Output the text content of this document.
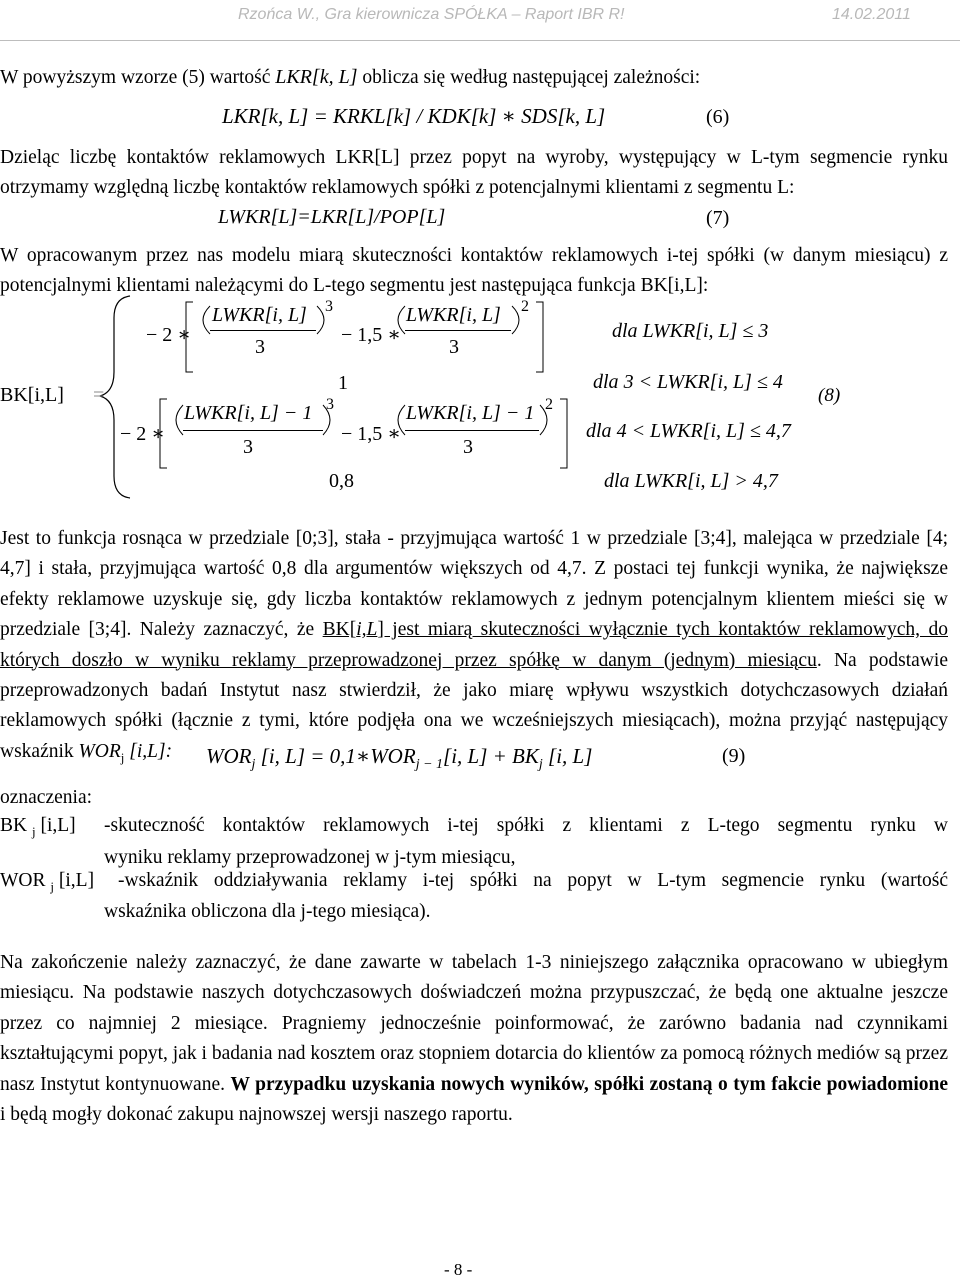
Rzońca W., Gra kierownicza SPÓŁKA – Raport IBR R!	14.02.2011
W powyższym wzorze (5) wartość LKR[k, L] oblicza się według następującej zależności:
LKR[k, L] = KRKL[k] / KDK[k] ∗ SDS[k, L]	(6)
Dzieląc liczbę kontaktów reklamowych LKR[L] przez popyt na wyroby, występujący w L-tym segmencie rynku otrzymamy względną liczbę kontaktów reklamowych spółki z potencjalnymi klientami z segmentu L:
LWKR[L]=LKR[L]/POP[L]	(7)
W opracowanym przez nas modelu miarą skuteczności kontaktów reklamowych i-tej spółki (w danym miesiącu) z potencjalnymi klientami należącymi do L-tego segmentu jest następująca funkcja BK[i,L]:
BK[i,L] =
− 2 ∗
LWKR[i, L]
3
3
− 1,5 ∗
LWKR[i, L]
3
2
dla LWKR[i, L] ≤ 3
1	dla 3 < LWKR[i, L] ≤ 4
(8)
− 2 ∗
LWKR[i, L] − 1
3
3
− 1,5 ∗
LWKR[i, L] − 1
3
2
dla 4 < LWKR[i, L] ≤ 4,7
0,8	dla LWKR[i, L] > 4,7
Jest to funkcja rosnąca w przedziale [0;3], stała - przyjmująca wartość 1 w przedziale [3;4], malejąca w przedziale [4; 4,7] i stała, przyjmująca wartość 0,8 dla argumentów większych od 4,7. Z postaci tej funkcji wynika, że największe efekty reklamowe uzyskuje się, gdy liczba kontaktów reklamowych z jednym potencjalnym klientem mieści się w przedziale [3;4]. Należy zaznaczyć, że BK[i,L] jest miarą skuteczności wyłącznie tych kontaktów reklamowych, do których doszło w wyniku reklamy przeprowadzonej przez spółkę w danym (jednym) miesiącu. Na podstawie przeprowadzonych badań Instytut nasz stwierdził, że jako miarę wpływu wszystkich dotychczasowych działań reklamowych spółki (łącznie z tymi, które podjęła ona we wcześniejszych miesiącach), można przyjąć następujący wskaźnik $WOR_j$ [i,L]:	$WOR_j$ [i, $L] = 0,1∗WOR_{j - 1}[i$, $L] + BK_j$ [i, L]	(9)
oznaczenia:
BK $_j$ [i,L] -skuteczność kontaktów reklamowych i-tej spółki z klientami z L-tego segmentu rynku w
wyniku reklamy przeprowadzonej w j-tym miesiącu,
WOR $_j$ [i,L] -wskaźnik oddziaływania reklamy i-tej spółki na popyt w L-tym segmencie rynku (wartość
wskaźnika obliczona dla j-tego miesiąca).
Na zakończenie należy zaznaczyć, że dane zawarte w tabelach 1-3 niniejszego załącznika opracowano w ubiegłym miesiącu. Na podstawie naszych dotychczasowych doświadczeń można przypuszczać, że będą one aktualne jeszcze przez co najmniej 2 miesiące. Pragniemy jednocześnie poinformować, że zarówno badania nad czynnikami kształtującymi popyt, jak i badania nad kosztem oraz stopniem dotarcia do klientów za pomocą różnych mediów są przez nasz Instytut kontynuowane. W przypadku uzyskania nowych wyników, spółki zostaną o tym fakcie powiadomione i będą mogły dokonać zakupu najnowszej wersji naszego raportu.
- 8 -
